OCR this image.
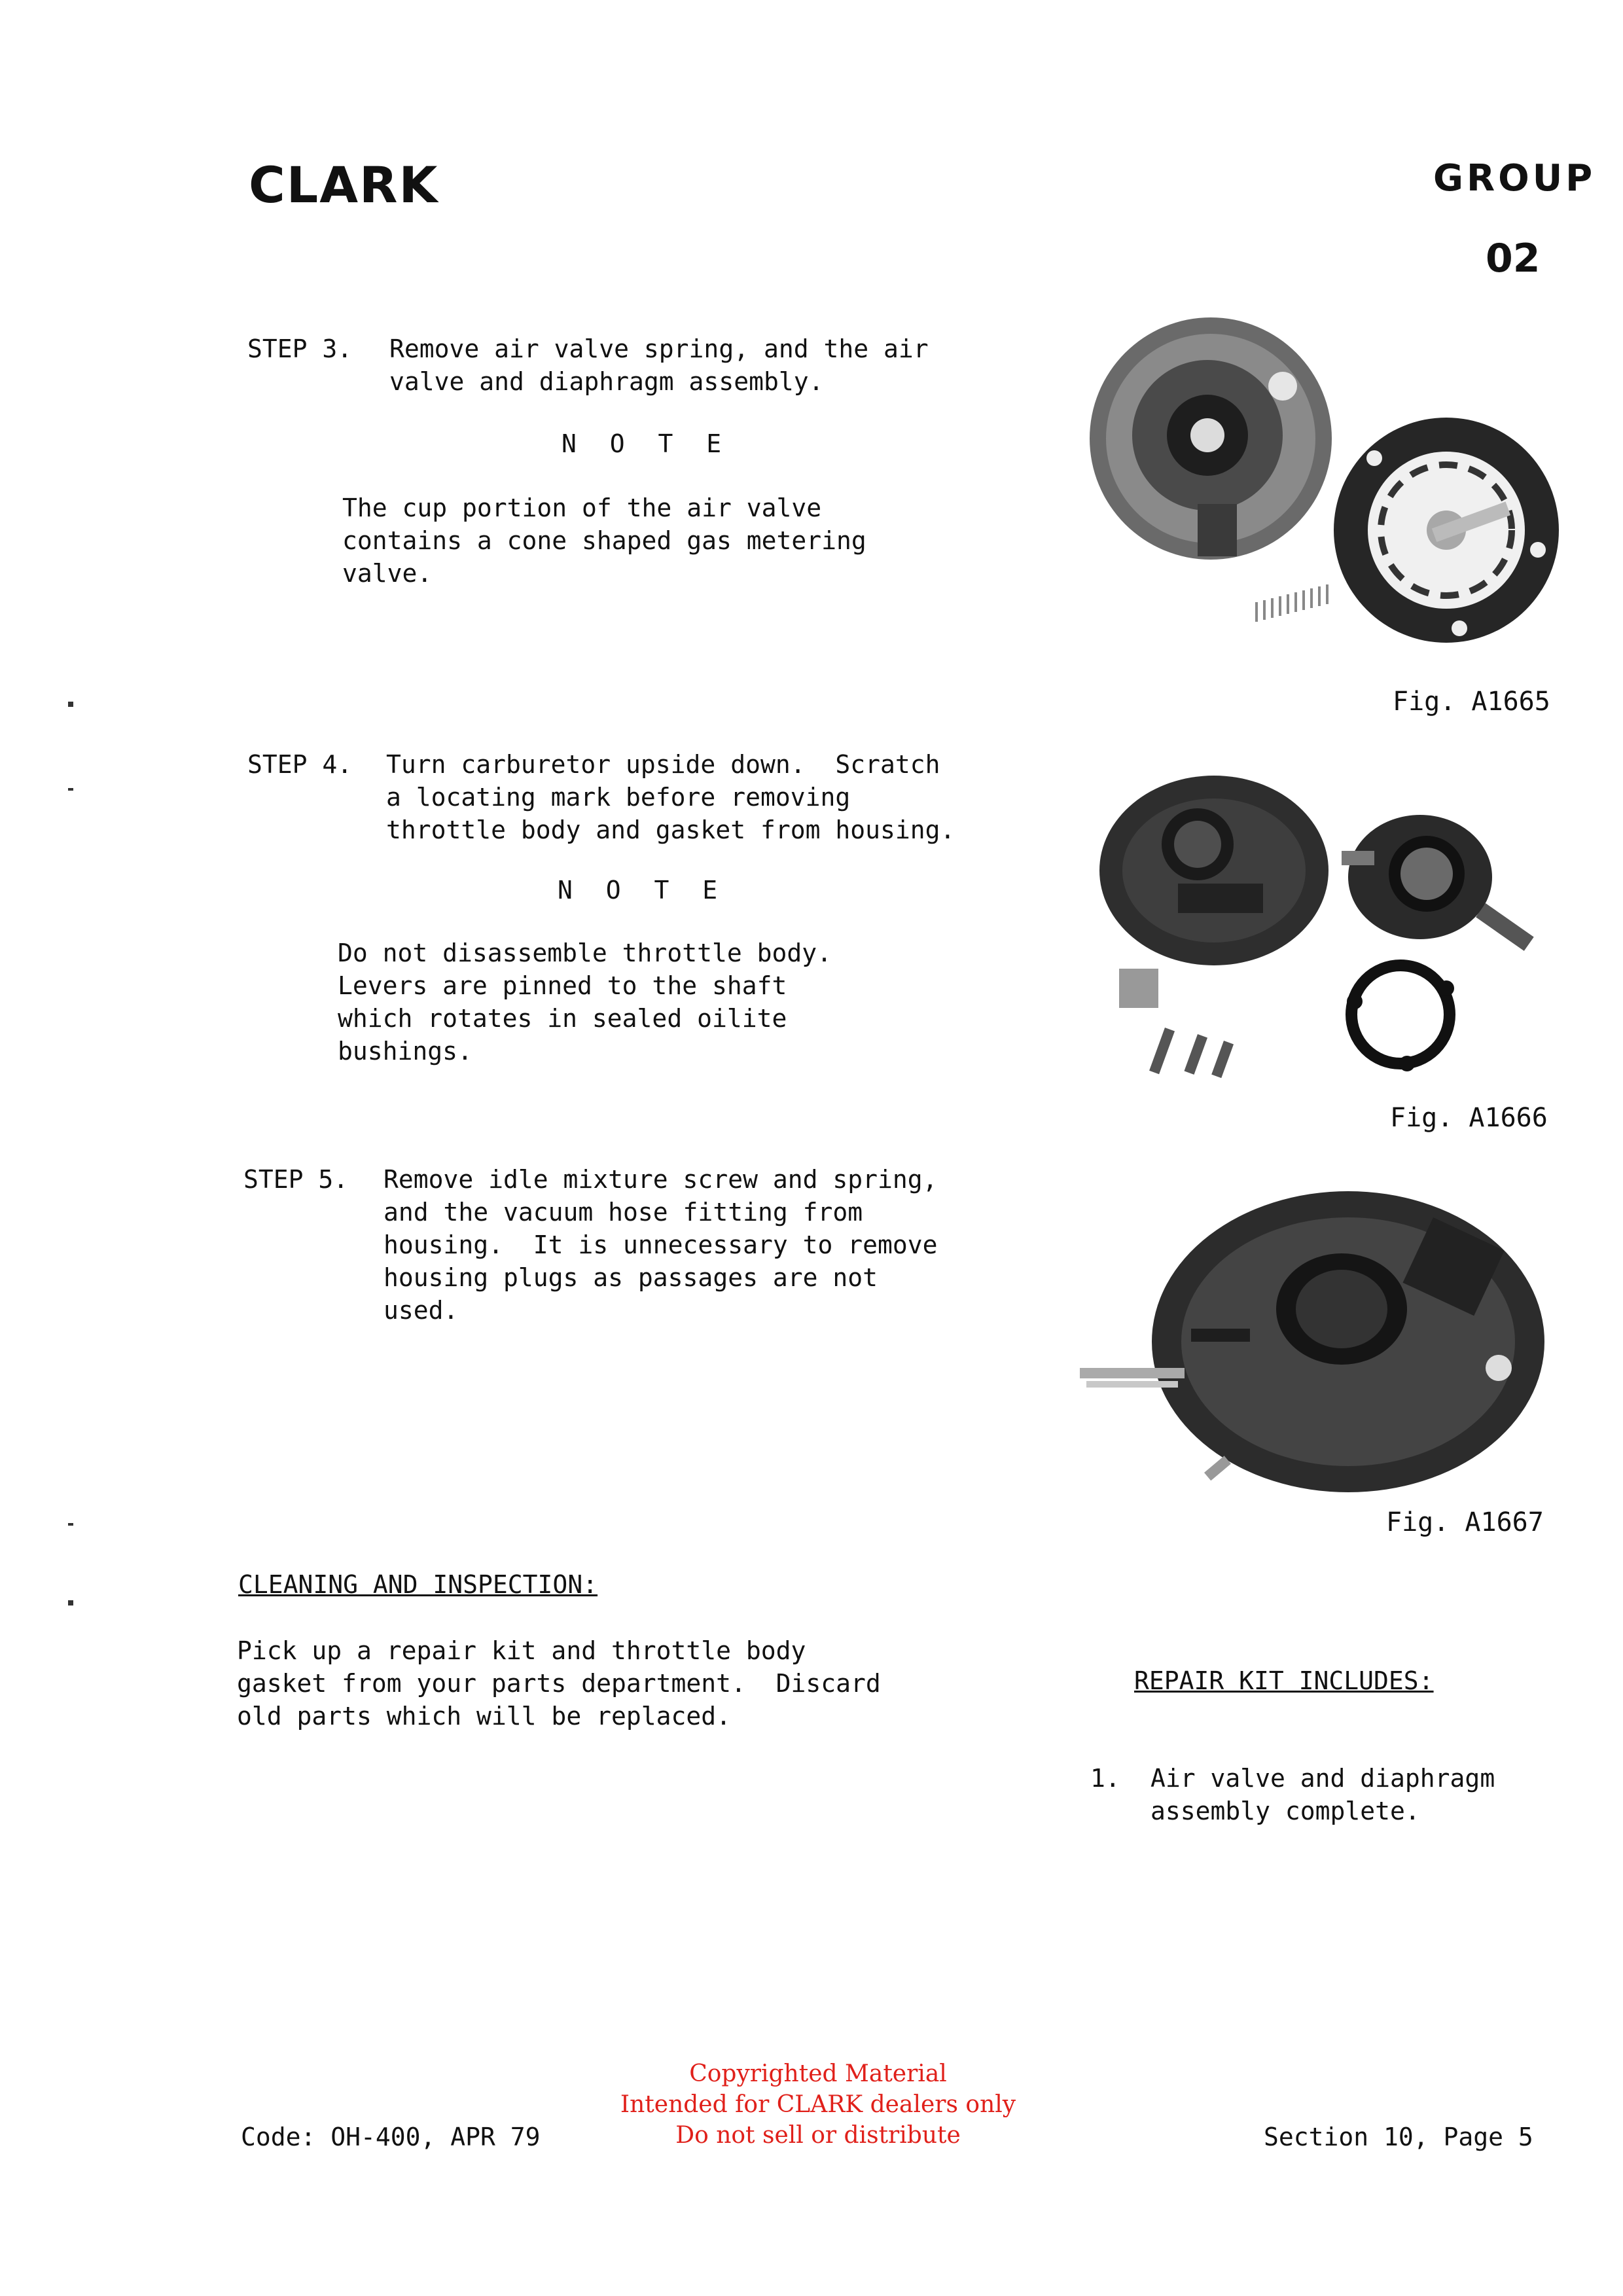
CLARK	GROUP
02
STEP 3. Remove air valve spring, and the air
valve and diaphragm assembly.
N O T E
The cup portion of the air valve
contains a cone shaped gas metering
valve.
STEP 4. Turn carburetor upside down.  Scratch
a locating mark before removing
throttle body and gasket from housing.
N O T E
Do not disassemble throttle body.
Levers are pinned to the shaft
which rotates in sealed oilite
bushings.
STEP 5. Remove idle mixture screw and spring,
and the vacuum hose fitting from
housing.  It is unnecessary to remove
housing plugs as passages are not
used.
Fig. A1665
Fig. A1666
Fig. A1667
CLEANING AND INSPECTION:
Pick up a repair kit and throttle body
gasket from your parts department.  Discard
old parts which will be replaced.
REPAIR KIT INCLUDES:
1. Air valve and diaphragm
assembly complete.
Code: OH-400, APR 79	Section 10, Page 5
Copyrighted Material
Intended for CLARK dealers only
Do not sell or distribute
